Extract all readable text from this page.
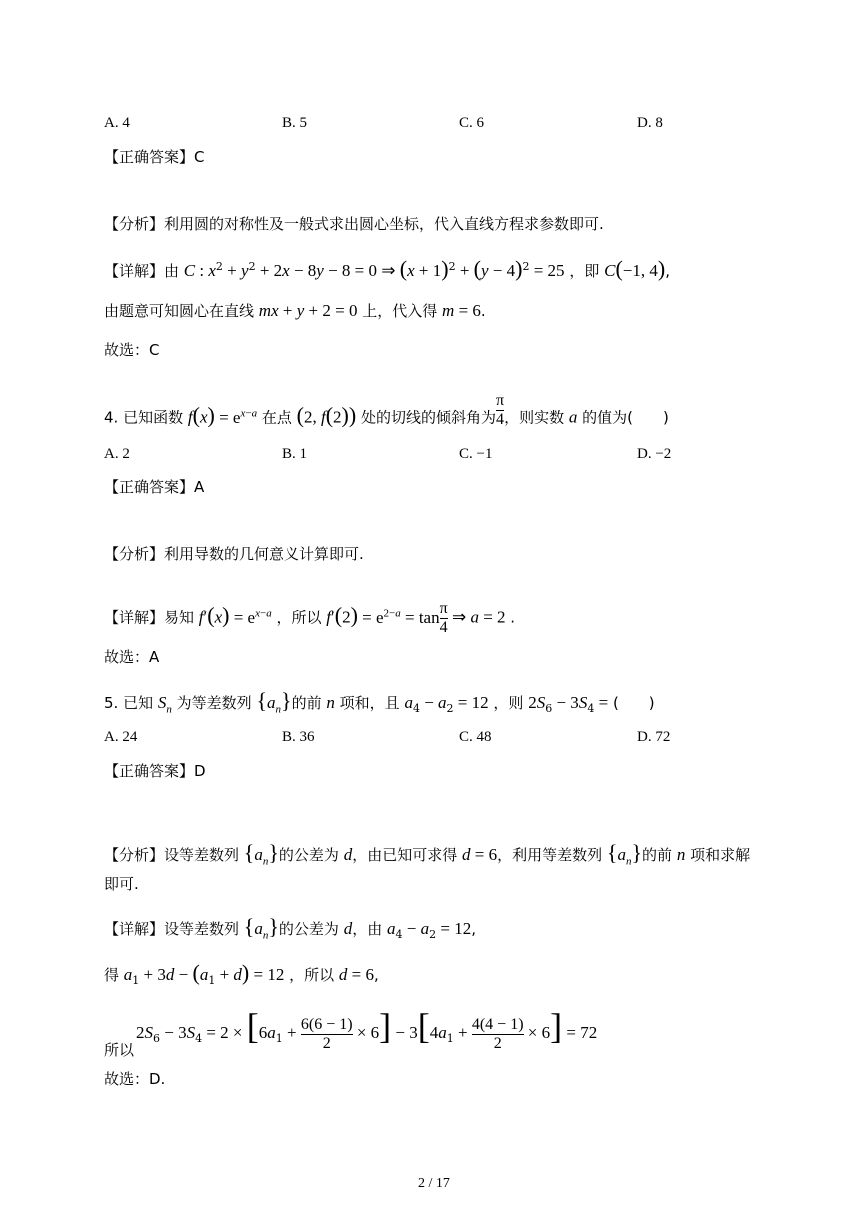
A. 4	B. 5	C. 6	D. 8
【正确答案】C
【分析】利用圆的对称性及一般式求出圆心坐标，代入直线方程求参数即可.
【详解】由 C : $x^2 + y^2 + 2x - 8y - 8 = 0$ ⇒ $(x + 1)^2 + (y - 4)^2 = 25$ ，即 C(−1, 4),
由题意可知圆心在直线 mx + y + 2 = 0 上，代入得 m = 6.
故选：C
4. 已知函数 $f(x) = e^{x-a}$ 在点 (2, f(2)) 处的切线的倾斜角为 $\frac{\pi}{4}$ ，则实数 a 的值为(　　)
A. 2	B. 1	C. −1	D. −2
【正确答案】A
【分析】利用导数的几何意义计算即可.
【详解】易知 $f'(x) = e^{x-a}$ ，所以 $f'(2) = e^{2-a} = \tan \frac{\pi}{4}$ ⇒ a = 2 .
故选：A
5. 已知 $S_n$ 为等差数列 $\{a_n\}$的前 n 项和，且 $a_4 - a_2 = 12$ ，则 $2S_6 - 3S_4$ = (　　)
A. 24	B. 36	C. 48	D. 72
【正确答案】D
【分析】设等差数列 $\{a_n\}$的公差为 d，由已知可求得 d = 6，利用等差数列 $\{a_n\}$的前 n 项和求解
即可.
【详解】设等差数列 $\{a_n\}$的公差为 d，由 $a_4 - a_2 = 12$,
得 $a_1 + 3d - (a_1 + d) = 12$ ，所以 d = 6,
$2S_6 - 3S_4 = 2 \times [6a_1 + \frac{6(6 - 1)}{2} \times 6] - 3[4a_1 + \frac{4(4 - 1)}{2} \times 6] = 72$
所以
故选：D.
2 / 17
